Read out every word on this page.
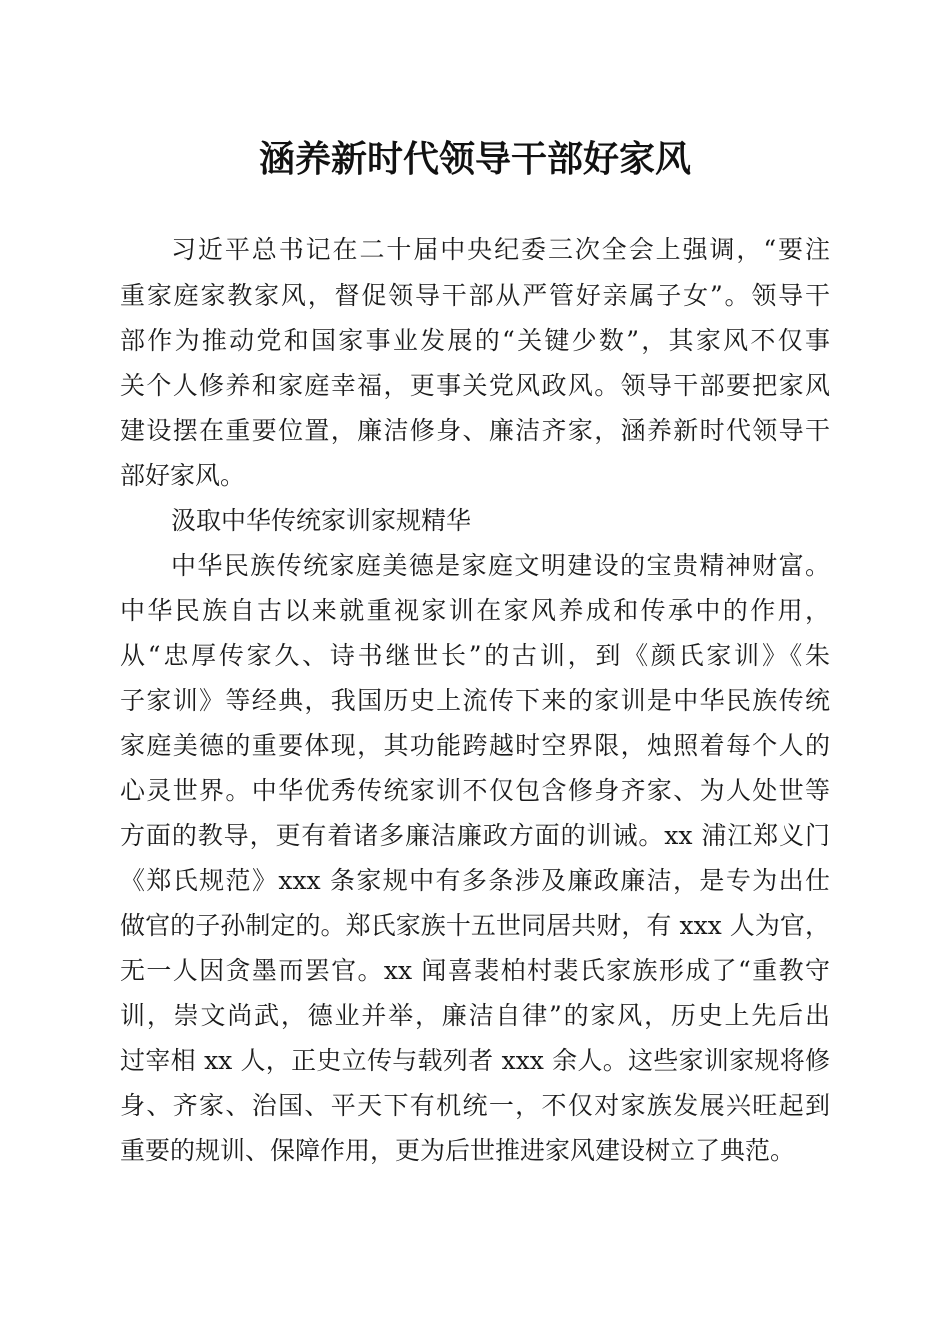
涵养新时代领导干部好家风
习近平总书记在二十届中央纪委三次全会上强调，“要注
重家庭家教家风，督促领导干部从严管好亲属子女”。领导干
部作为推动党和国家事业发展的“关键少数”，其家风不仅事
关个人修养和家庭幸福，更事关党风政风。领导干部要把家风
建设摆在重要位置，廉洁修身、廉洁齐家，涵养新时代领导干
部好家风。
汲取中华传统家训家规精华
中华民族传统家庭美德是家庭文明建设的宝贵精神财富。
中华民族自古以来就重视家训在家风养成和传承中的作用，
从“忠厚传家久、诗书继世长”的古训，到《颜氏家训》《朱
子家训》等经典，我国历史上流传下来的家训是中华民族传统
家庭美德的重要体现，其功能跨越时空界限，烛照着每个人的
心灵世界。中华优秀传统家训不仅包含修身齐家、为人处世等
方面的教导，更有着诸多廉洁廉政方面的训诫。xx 浦江郑义门
《郑氏规范》xxx 条家规中有多条涉及廉政廉洁，是专为出仕
做官的子孙制定的。郑氏家族十五世同居共财，有 xxx 人为官，
无一人因贪墨而罢官。xx 闻喜裴柏村裴氏家族形成了“重教守
训，崇文尚武，德业并举，廉洁自律”的家风，历史上先后出
过宰相 xx 人，正史立传与载列者 xxx 余人。这些家训家规将修
身、齐家、治国、平天下有机统一，不仅对家族发展兴旺起到
重要的规训、保障作用，更为后世推进家风建设树立了典范。
